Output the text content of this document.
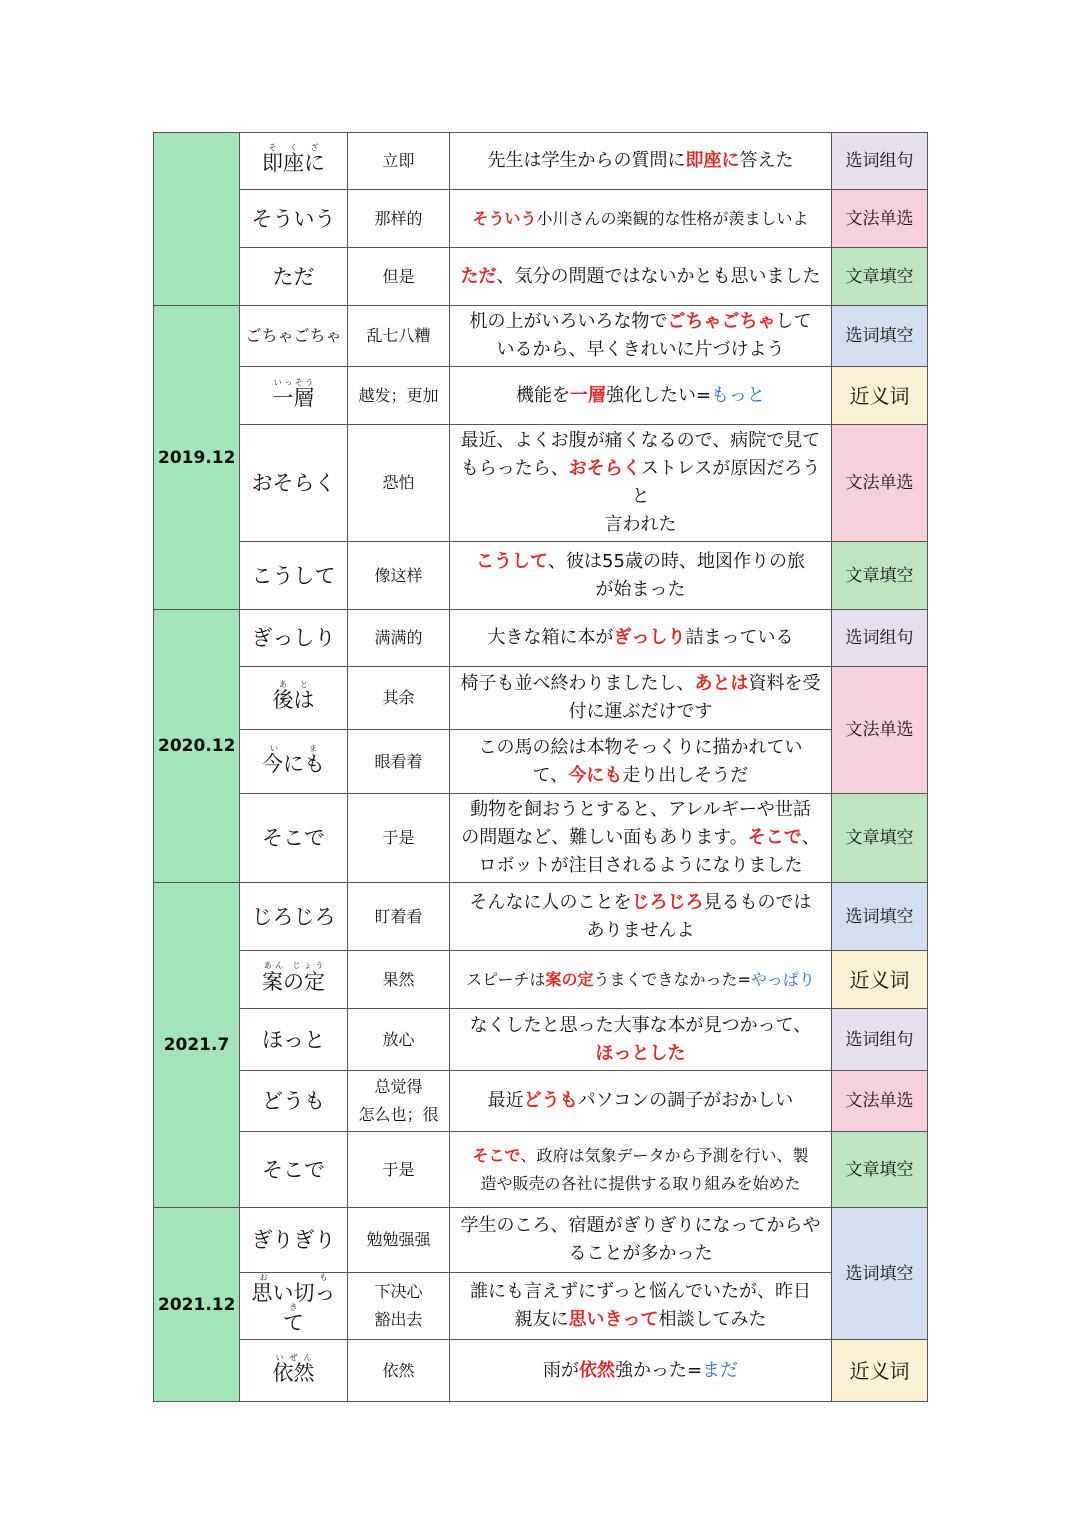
	即座にそくざ	立即	先生は学生からの質問に即座に答えた	选词组句
	そういう	那样的	そういう小川さんの楽観的な性格が羨ましいよ	文法单选
	ただ	但是	ただ、気分の問題ではないかとも思いました	文章填空
2019.12	ごちゃごちゃ	乱七八糟	机の上がいろいろな物でごちゃごちゃして
いるから、早くきれいに片づけよう	选词填空
	一層いっそう	越发；更加	機能を一層強化したい=もっと	近义词
	おそらく	恐怕	最近、よくお腹が痛くなるので、病院で見て
もらったら、おそらくストレスが原因だろうと
言われた	文法单选
	こうして	像这样	こうして、彼は55歳の時、地図作りの旅
が始まった	文章填空
2020.12	ぎっしり	满满的	大きな箱に本がぎっしり詰まっている	选词组句
	後はあと	其余	椅子も並べ終わりましたし、あとは資料を受
付に運ぶだけです	文法单选
	今にもいま	眼看着	この馬の絵は本物そっくりに描かれてい
て、今にも走り出しそうだ	
	そこで	于是	動物を飼おうとすると、アレルギーや世話
の問題など、難しい面もあります。そこで、
ロボットが注目されるようになりました	文章填空
2021.7	じろじろ	盯着看	そんなに人のことをじろじろ見るものでは
ありませんよ	选词填空
	案の定あん じょう	果然	スピーチは案の定うまくできなかった=やっぱり	近义词
	ほっと	放心	なくしたと思った大事な本が見つかって、
ほっとした	选词组句
	どうも	总觉得
怎么也；很	最近どうもパソコンの調子がおかしい	文法单选
	そこで	于是	そこで、政府は気象データから予測を行い、製
造や販売の各社に提供する取り組みを始めた	文章填空
2021.12	ぎりぎり	勉勉强强	学生のころ、宿題がぎりぎりになってからや
ることが多かった	选词填空
	思い切っておも き	下决心
豁出去	誰にも言えずにずっと悩んでいたが、昨日
親友に思いきって相談してみた	
	依然いぜん	依然	雨が依然強かった=まだ	近义词
